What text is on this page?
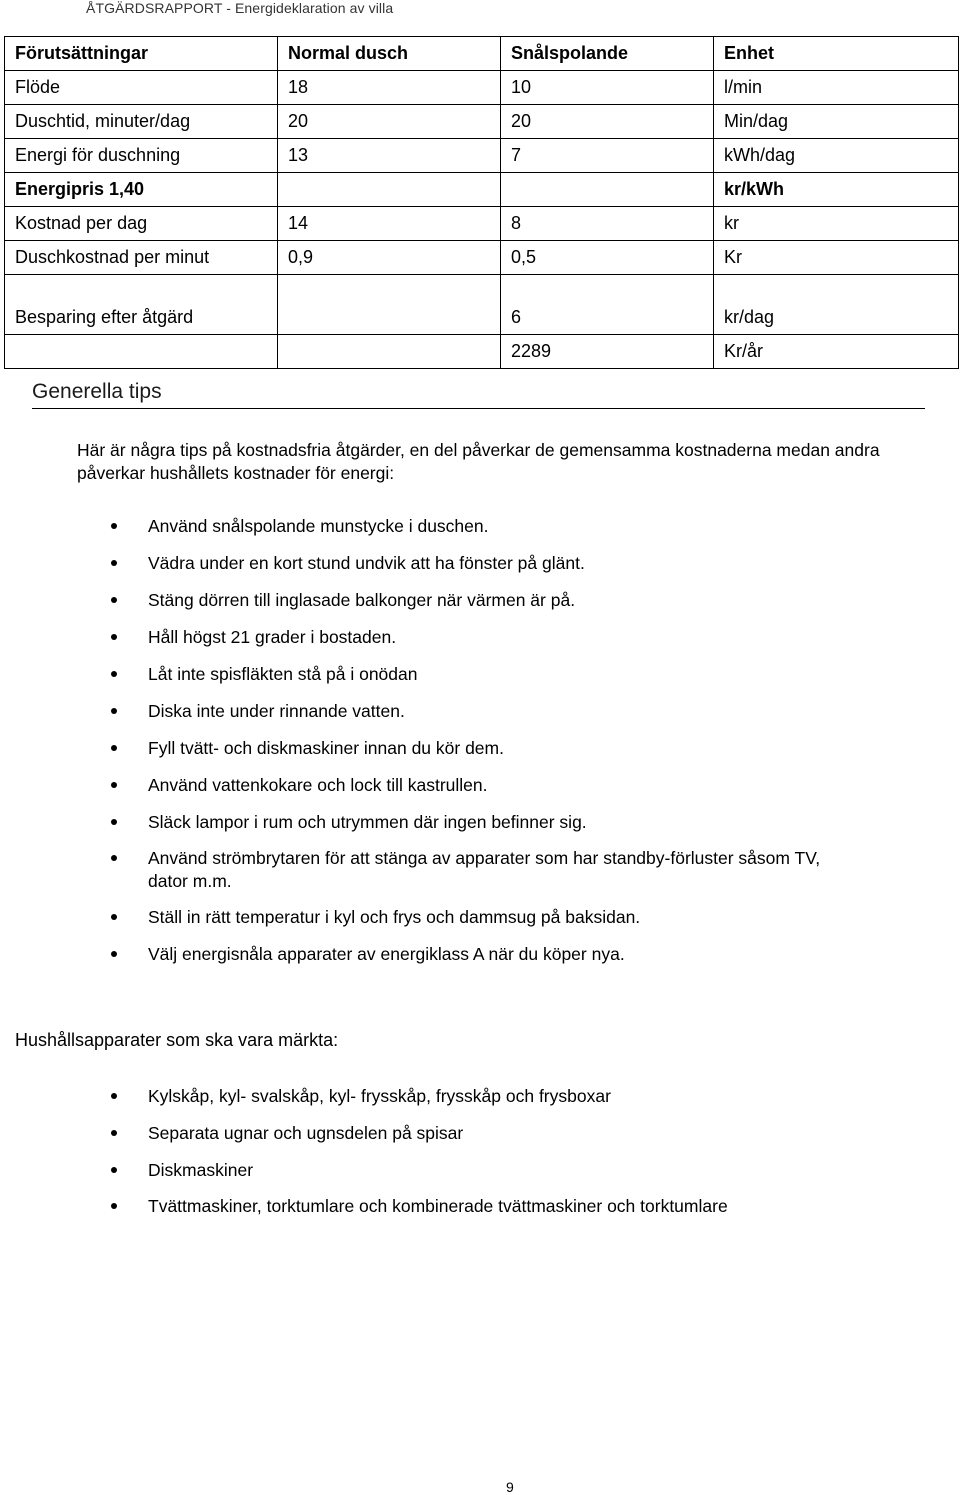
ÅTGÄRDSRAPPORT - Energideklaration av villa
Förutsättningar	Normal dusch	Snålspolande	Enhet
Flöde	18	10	l/min
Duschtid, minuter/dag	20	20	Min/dag
Energi för duschning	13	7	kWh/dag
Energipris 1,40			kr/kWh
Kostnad per dag	14	8	kr
Duschkostnad per minut	0,9	0,5	Kr
Besparing efter åtgärd		6	kr/dag
		2289	Kr/år
Generella tips

Här är några tips på kostnadsfria åtgärder, en del påverkar de gemensamma kostnaderna medan andra påverkar hushållets kostnader för energi:

Använd snålspolande munstycke i duschen.
Vädra under en kort stund undvik att ha fönster på glänt.
Stäng dörren till inglasade balkonger när värmen är på.
Håll högst 21 grader i bostaden.
Låt inte spisfläkten stå på i onödan
Diska inte under rinnande vatten.
Fyll tvätt- och diskmaskiner innan du kör dem.
Använd vattenkokare och lock till kastrullen.
Släck lampor i rum och utrymmen där ingen befinner sig.
Använd strömbrytaren för att stänga av apparater som har standby-förluster såsom TV, dator m.m.
Ställ in rätt temperatur i kyl och frys och dammsug på baksidan.
Välj energisnåla apparater av energiklass A när du köper nya.
Hushållsapparater som ska vara märkta:
Kylskåp, kyl- svalskåp, kyl- frysskåp, frysskåp och frysboxar
Separata ugnar och ugnsdelen på spisar
Diskmaskiner
Tvättmaskiner, torktumlare och kombinerade tvättmaskiner och torktumlare
9
